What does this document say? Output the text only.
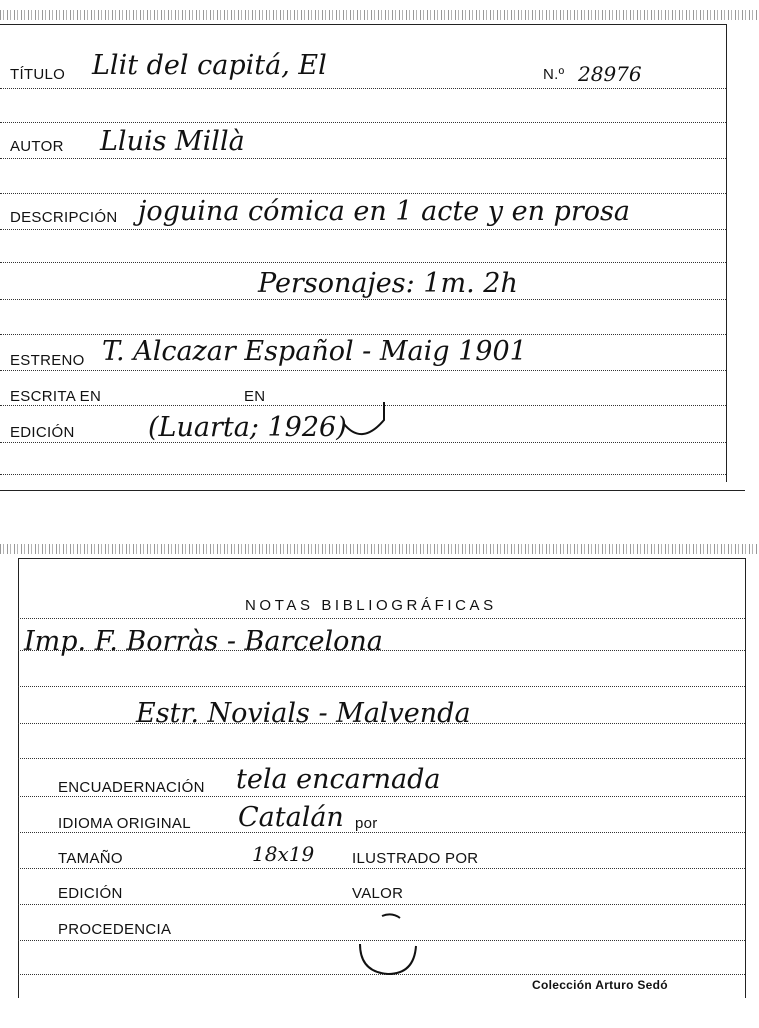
TÍTULO Llit del capitá, El	N.º 28976
AUTOR Lluis Millà
DESCRIPCIÓN joguina cómica en 1 acte y en prosa
Personajes: 1m. 2h
ESTRENO T. Alcazar Español - Maig 1901
ESCRITA EN	EN
EDICIÓN	(Luarta; 1926)
NOTAS BIBLIOGRÁFICAS
Imp. F. Borràs - Barcelona
Estr. Novials - Malvenda
ENCUADERNACIÓN tela encarnada
IDIOMA ORIGINAL Catalán por
TAMAÑO	18x19	ILUSTRADO POR
EDICIÓN	VALOR
PROCEDENCIA
Colección Arturo Sedó
